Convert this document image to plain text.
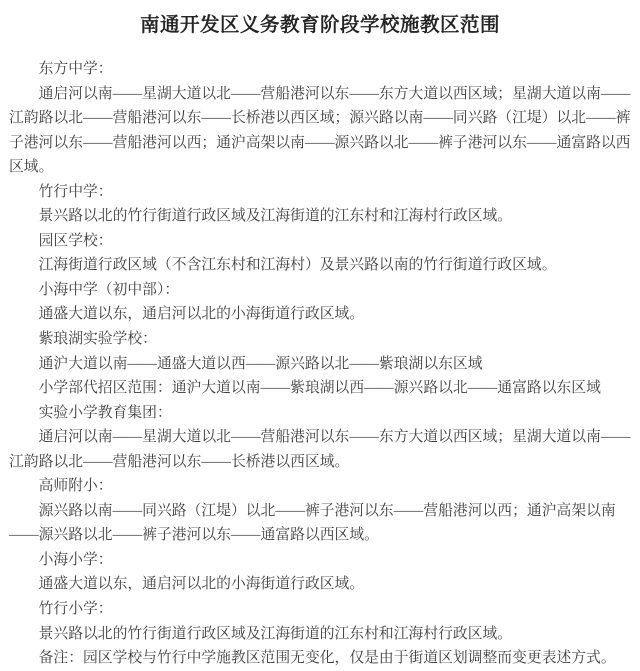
南通开发区义务教育阶段学校施教区范围
东方中学：
通启河以南——星湖大道以北——营船港河以东——东方大道以西区域；星湖大道以南——
江韵路以北——营船港河以东——长桥港以西区域；源兴路以南——同兴路（江堤）以北——裤
子港河以东——营船港河以西；通沪高架以南——源兴路以北——裤子港河以东——通富路以西
区域。
竹行中学：
景兴路以北的竹行街道行政区域及江海街道的江东村和江海村行政区域。
园区学校：
江海街道行政区域（不含江东村和江海村）及景兴路以南的竹行街道行政区域。
小海中学（初中部）：
通盛大道以东，通启河以北的小海街道行政区域。
紫琅湖实验学校：
通沪大道以南——通盛大道以西——源兴路以北——紫琅湖以东区域
小学部代招区范围：通沪大道以南——紫琅湖以西——源兴路以北——通富路以东区域
实验小学教育集团：
通启河以南——星湖大道以北——营船港河以东——东方大道以西区域；星湖大道以南——
江韵路以北——营船港河以东——长桥港以西区域。
高师附小：
源兴路以南——同兴路（江堤）以北——裤子港河以东——营船港河以西；通沪高架以南
——源兴路以北——裤子港河以东——通富路以西区域。
小海小学：
通盛大道以东，通启河以北的小海街道行政区域。
竹行小学：
景兴路以北的竹行街道行政区域及江海街道的江东村和江海村行政区域。
备注：园区学校与竹行中学施教区范围无变化，仅是由于街道区划调整而变更表述方式。
